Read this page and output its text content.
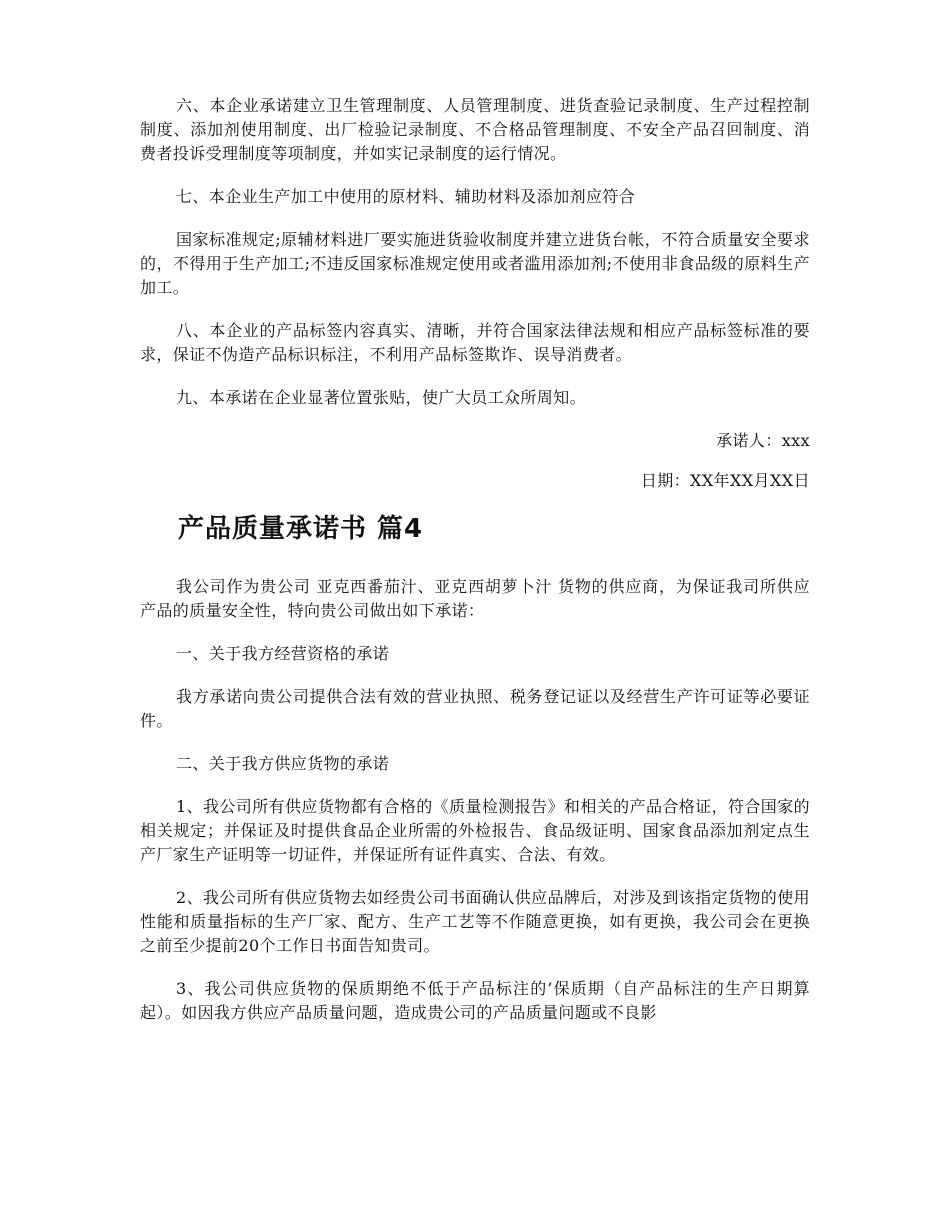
六、本企业承诺建立卫生管理制度、人员管理制度、进货查验记录制度、生产过程控制制度、添加剂使用制度、出厂检验记录制度、不合格品管理制度、不安全产品召回制度、消费者投诉受理制度等项制度，并如实记录制度的运行情况。

七、本企业生产加工中使用的原材料、辅助材料及添加剂应符合

国家标准规定;原辅材料进厂要实施进货验收制度并建立进货台帐，不符合质量安全要求的，不得用于生产加工;不违反国家标准规定使用或者滥用添加剂;不使用非食品级的原料生产加工。

八、本企业的产品标签内容真实、清晰，并符合国家法律法规和相应产品标签标准的要求，保证不伪造产品标识标注，不利用产品标签欺诈、误导消费者。

九、本承诺在企业显著位置张贴，使广大员工众所周知。

承诺人：xxx

日期：XX年XX月XX日

产品质量承诺书 篇4

我公司作为贵公司 亚克西番茄汁、亚克西胡萝卜汁 货物的供应商，为保证我司所供应产品的质量安全性，特向贵公司做出如下承诺：

一、关于我方经营资格的承诺

我方承诺向贵公司提供合法有效的营业执照、税务登记证以及经营生产许可证等必要证件。

二、关于我方供应货物的承诺

1、我公司所有供应货物都有合格的《质量检测报告》和相关的产品合格证，符合国家的相关规定；并保证及时提供食品企业所需的外检报告、食品级证明、国家食品添加剂定点生产厂家生产证明等一切证件，并保证所有证件真实、合法、有效。

2、我公司所有供应货物去如经贵公司书面确认供应品牌后，对涉及到该指定货物的使用性能和质量指标的生产厂家、配方、生产工艺等不作随意更换，如有更换，我公司会在更换之前至少提前20个工作日书面告知贵司。

3、我公司供应货物的保质期绝不低于产品标注的’保质期（自产品标注的生产日期算起）。如因我方供应产品质量问题，造成贵公司的产品质量问题或不良影
